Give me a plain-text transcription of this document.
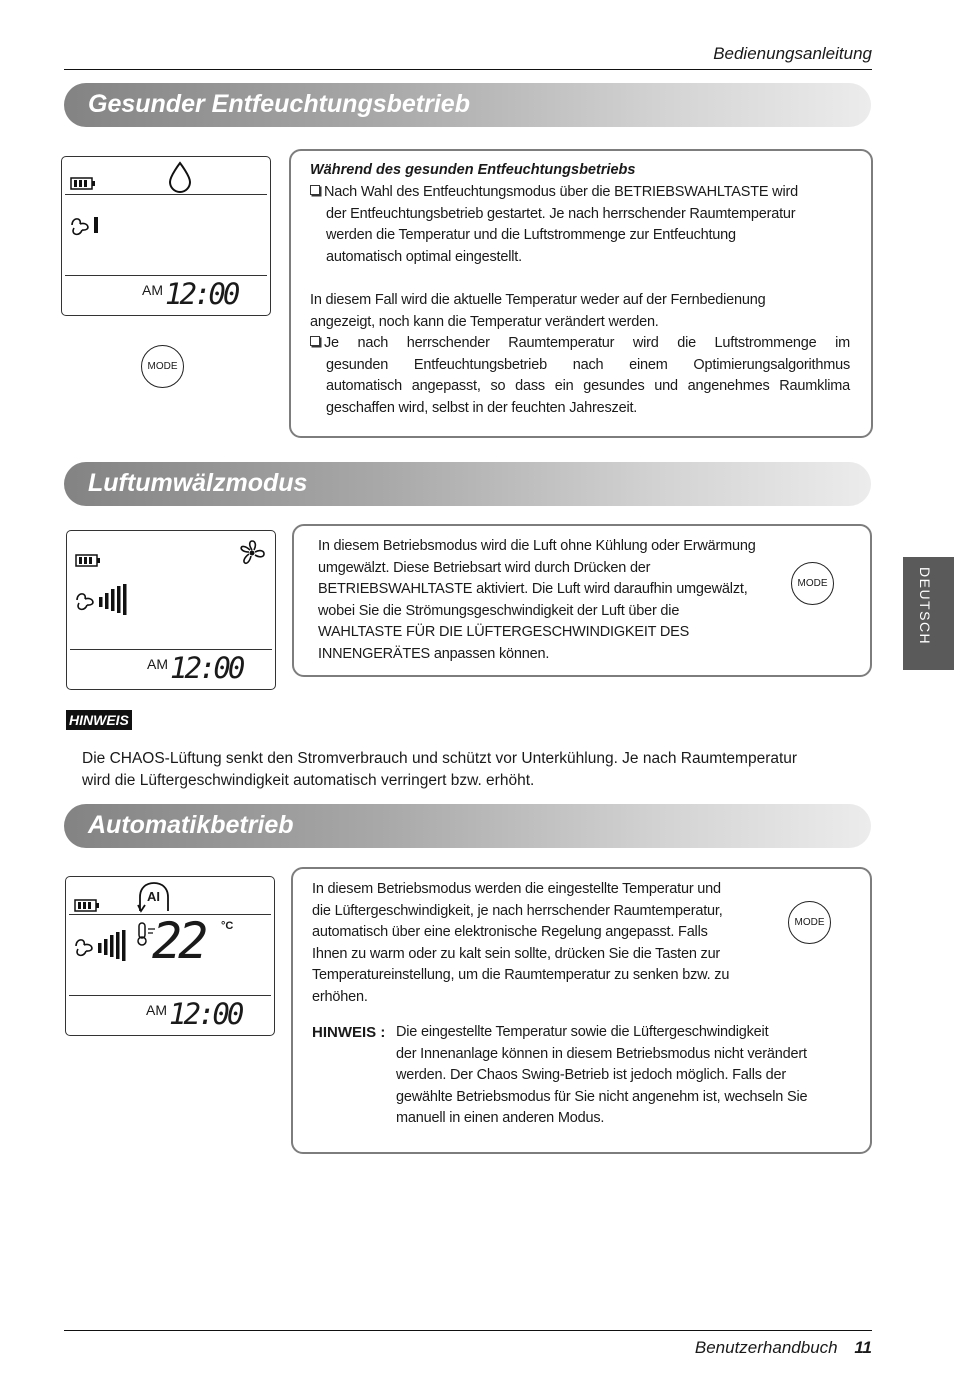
Bedienungsanleitung
Gesunder Entfeuchtungsbetrieb
AM 12:00
MODE
Während des gesunden Entfeuchtungsbetriebs
Nach Wahl des Entfeuchtungsmodus über die BETRIEBSWAHLTASTE wird
der Entfeuchtungsbetrieb gestartet. Je nach herrschender Raumtemperatur
werden die Temperatur und die Luftstrommenge zur Entfeuchtung
automatisch optimal eingestellt.
In diesem Fall wird die aktuelle Temperatur weder auf der Fernbedienung
angezeigt, noch kann die Temperatur verändert werden.
Je nach herrschender Raumtemperatur wird die Luftstrommenge im
gesunden Entfeuchtungsbetrieb nach einem Optimierungsalgorithmus
automatisch angepasst, so dass ein gesundes und angenehmes Raumklima
geschaffen wird, selbst in der feuchten Jahreszeit.
Luftumwälzmodus
AM 12:00
In diesem Betriebsmodus wird die Luft ohne Kühlung oder Erwärmung
umgewälzt. Diese Betriebsart wird durch Drücken der
BETRIEBSWAHLTASTE aktiviert. Die Luft wird daraufhin umgewälzt,
wobei Sie die Strömungsgeschwindigkeit der Luft über die
WAHLTASTE FÜR DIE LÜFTERGESCHWINDIGKEIT DES
INNENGERÄTES anpassen können.
MODE	DEUTSCH
HINWEIS
Die CHAOS-Lüftung senkt den Stromverbrauch und schützt vor Unterkühlung. Je nach Raumtemperatur
wird die Lüftergeschwindigkeit automatisch verringert bzw. erhöht.
Automatikbetrieb
AI
22 °C
AM 12:00
In diesem Betriebsmodus werden die eingestellte Temperatur und
die Lüftergeschwindigkeit, je nach herrschender Raumtemperatur,
automatisch über eine elektronische Regelung angepasst. Falls
Ihnen zu warm oder zu kalt sein sollte, drücken Sie die Tasten zur
Temperatureinstellung, um die Raumtemperatur zu senken bzw. zu
erhöhen.
MODE
HINWEIS : Die eingestellte Temperatur sowie die Lüftergeschwindigkeit
der Innenanlage können in diesem Betriebsmodus nicht verändert
werden. Der Chaos Swing-Betrieb ist jedoch möglich. Falls der
gewählte Betriebsmodus für Sie nicht angenehm ist, wechseln Sie
manuell in einen anderen Modus.
Benutzerhandbuch 11
